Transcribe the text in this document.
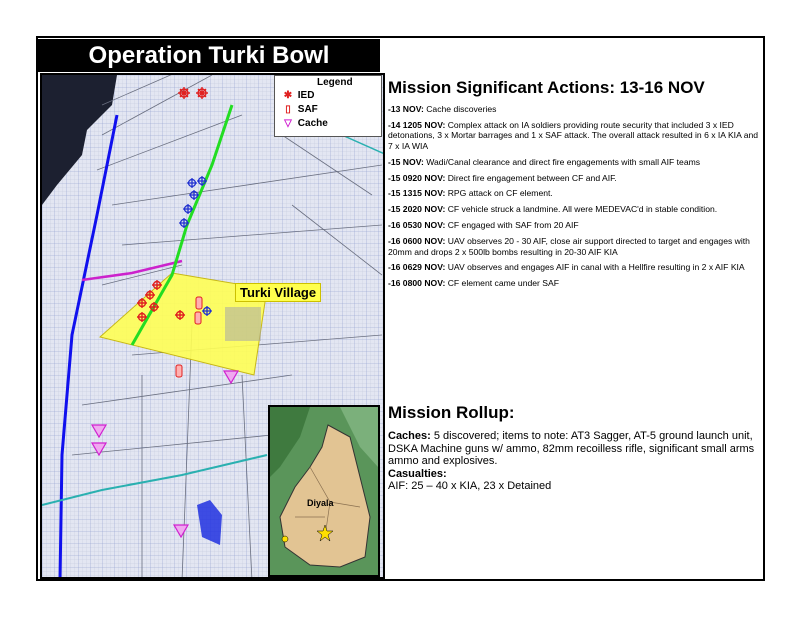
Operation Turki Bowl
Legend
✱ IED
▯ SAF
▽ Cache
Turki Village
Diyala
Mission Significant Actions: 13-16 NOV
-13 NOV: Cache discoveries
-14 1205 NOV: Complex attack on IA soldiers providing route security that included 3 x IED detonations, 3 x Mortar barrages and 1 x SAF attack. The overall attack resulted in 6 x IA KIA and 7 x IA WIA
-15 NOV: Wadi/Canal clearance and direct fire engagements with small AIF teams
-15 0920 NOV: Direct fire engagement between CF and AIF.
-15 1315 NOV: RPG attack on CF element.
-15 2020 NOV: CF vehicle struck a landmine. All were MEDEVAC'd in stable condition.
-16 0530 NOV: CF engaged with SAF from 20 AIF
-16 0600 NOV: UAV observes 20 - 30 AIF, close air support directed to target and engages with 20mm and drops 2 x 500lb bombs resulting in 20-30 AIF KIA
-16 0629 NOV: UAV observes and engages AIF in canal with a Hellfire resulting in 2 x AIF KIA
-16 0800 NOV: CF element came under SAF
Mission Rollup:
Caches: 5 discovered; items to note: AT3 Sagger, AT-5 ground launch unit, DSKA Machine guns w/ ammo, 82mm recoilless rifle, significant small arms ammo and explosives.
Casualties:
AIF: 25 – 40 x KIA, 23 x Detained
